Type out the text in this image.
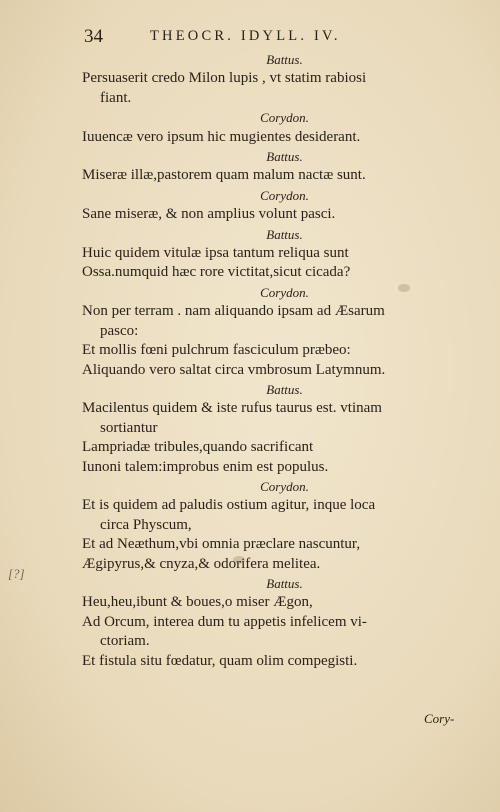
34	THEOCR. IDYLL. IV.
Battus.
Persuaserit credo Milon lupis , vt statim rabiosi
fiant.
Corydon.
Iuuencæ vero ipsum hic mugientes desiderant.
Battus.
Miseræ illæ,pastorem quam malum nactæ sunt.
Corydon.
Sane miseræ, & non amplius volunt pasci.
Battus.
Huic quidem vitulæ ipsa tantum reliqua sunt
Ossa.numquid hæc rore victitat,sicut cicada?
Corydon.
Non per terram . nam aliquando ipsam ad Æsarum
pasco:
Et mollis fœni pulchrum fasciculum præbeo:
Aliquando vero saltat circa vmbrosum Latymnum.
Battus.
Macilentus quidem & iste rufus taurus est. vtinam
sortiantur
Lampriadæ tribules,quando sacrificant
Iunoni talem:improbus enim est populus.
Corydon.
Et is quidem ad paludis ostium agitur, inque loca
circa Physcum,
Et ad Neæthum,vbi omnia præclare nascuntur,
Ægipyrus,& cnyza,& odorifera melitea.
Battus.
Heu,heu,ibunt & boues,o miser Ægon,
Ad Orcum, interea dum tu appetis infelicem vi-
ctoriam.
Et fistula situ fœdatur, quam olim compegisti.
Cory-
[?]
